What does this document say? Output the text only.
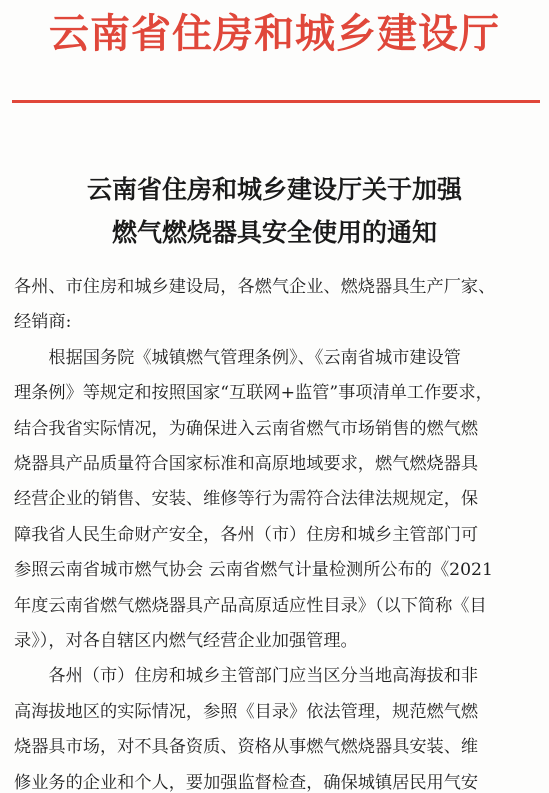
云南省住房和城乡建设厅
云南省住房和城乡建设厅关于加强
燃气燃烧器具安全使用的通知

各州、市住房和城乡建设局，各燃气企业、燃烧器具生产厂家、
经销商:

根据国务院《城镇燃气管理条例》、《云南省城市建设管
理条例》等规定和按照国家“互联网+监管”事项清单工作要求，
结合我省实际情况，为确保进入云南省燃气市场销售的燃气燃
烧器具产品质量符合国家标准和高原地域要求，燃气燃烧器具
经营企业的销售、安装、维修等行为需符合法律法规规定，保
障我省人民生命财产安全，各州（市）住房和城乡主管部门可
参照云南省城市燃气协会 云南省燃气计量检测所公布的《2021
年度云南省燃气燃烧器具产品高原适应性目录》（以下简称《目
录》），对各自辖区内燃气经营企业加强管理。

各州（市）住房和城乡主管部门应当区分当地高海拔和非
高海拔地区的实际情况，参照《目录》依法管理，规范燃气燃
烧器具市场，对不具备资质、资格从事燃气燃烧器具安装、维
修业务的企业和个人，要加强监督检查，确保城镇居民用气安
